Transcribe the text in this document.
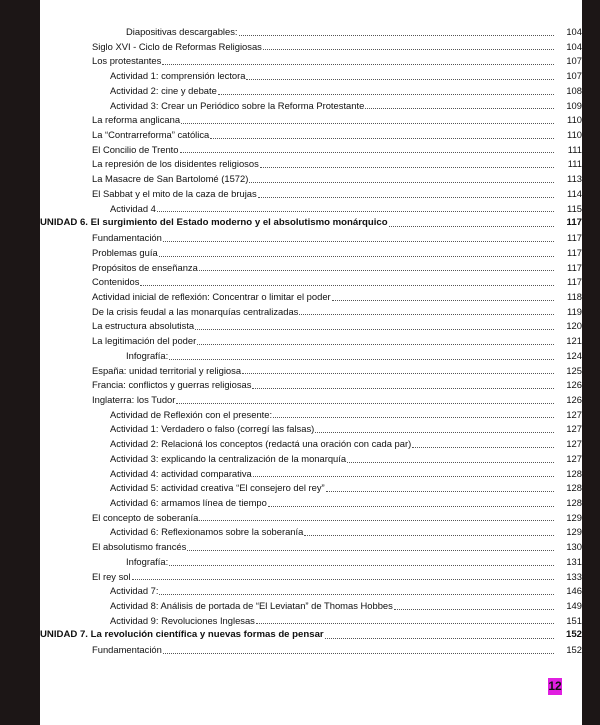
Diapositivas descargables:	104
Siglo XVI - Ciclo de Reformas Religiosas	104
Los protestantes	107
Actividad 1: comprensión lectora	107
Actividad 2: cine y debate	108
Actividad 3: Crear un Periódico sobre la Reforma Protestante	109
La reforma anglicana	110
La “Contrarreforma” católica	110
El Concilio de Trento	111
La represión de los disidentes religiosos	111
La Masacre de San Bartolomé (1572)	113
El Sabbat y el mito de la caza de brujas	114
Actividad 4	115
UNIDAD 6. El surgimiento del Estado moderno y el absolutismo monárquico	117
Fundamentación	117
Problemas guía	117
Propósitos de enseñanza	117
Contenidos	117
Actividad inicial de reflexión: Concentrar o limitar el poder	118
De la crisis feudal a las monarquías centralizadas	119
La estructura absolutista	120
La legitimación del poder	121
Infografía:	124
España: unidad territorial y religiosa	125
Francia: conflictos y guerras religiosas	126
Inglaterra: los Tudor	126
Actividad de Reflexión con el presente:	127
Actividad 1: Verdadero o falso (corregí las falsas)	127
Actividad 2: Relacioná los conceptos (redactá una oración con cada par)	127
Actividad 3: explicando la centralización de la monarquía	127
Actividad 4: actividad comparativa	128
Actividad 5: actividad creativa “El consejero del rey”	128
Actividad 6: armamos línea de tiempo	128
El concepto de soberanía	129
Actividad 6: Reflexionamos sobre la soberanía	129
El absolutismo francés	130
Infografía:	131
El rey sol	133
Actividad 7:	146
Actividad 8: Análisis de portada de “El Leviatan” de Thomas Hobbes	149
Actividad 9: Revoluciones Inglesas	151
UNIDAD 7. La revolución científica y nuevas formas de pensar	152
Fundamentación	152
12
